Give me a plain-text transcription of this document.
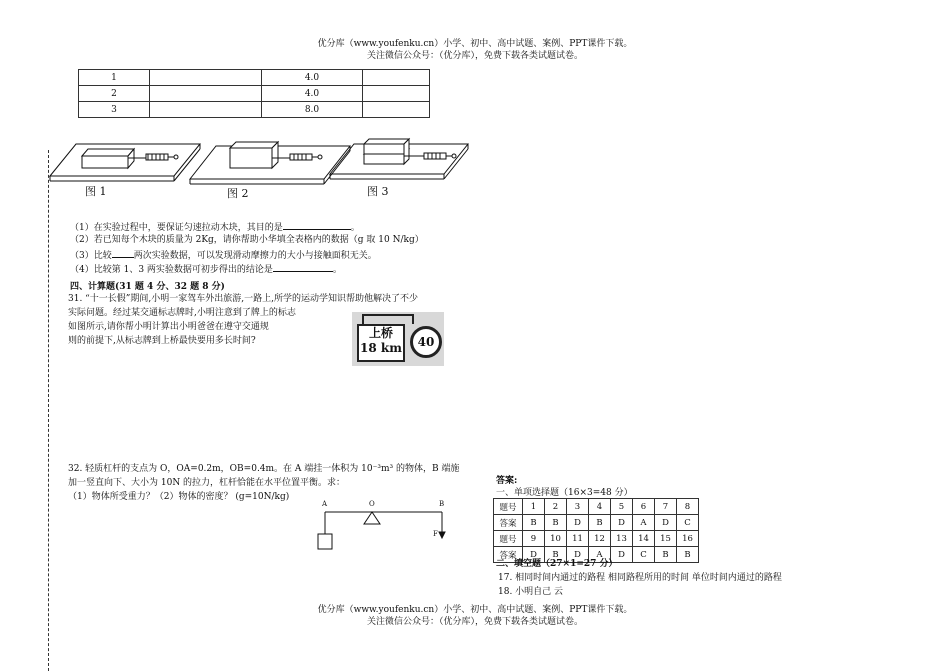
优分库（www.youfenku.cn）小学、初中、高中试题、案例、PPT课件下载。
关注微信公众号：（优分库），免费下载各类试题试卷。
1		4.0	
2		4.0	
3		8.0	
图 1	图 2	图 3
（1）在实验过程中，要保证匀速拉动木块，其目的是	。
（2）若已知每个木块的质量为 2Kg，请你帮助小华填全表格内的数据（g 取 10 N/kg）
（3）比较 两次实验数据，可以发现滑动摩擦力的大小与接触面积无关。
（4）比较第 1、3 两实验数据可初步得出的结论是	。
四、计算题(31 题 4 分、32 题 8 分)
31. “十一长假”期间,小明一家驾车外出旅游,一路上,所学的运动学知识帮助他解决了不少
实际问题。经过某交通标志牌时,小明注意到了牌上的标志
如图所示,请你帮小明计算出小明爸爸在遵守交通规
则的前提下,从标志牌到上桥最快要用多长时间?
上桥
18 km	40
32. 轻质杠杆的支点为 O，OA=0.2m，OB=0.4m。在 A 端挂一体积为 10⁻³m³ 的物体，B 端施
加一竖直向下、大小为 10N 的拉力，杠杆恰能在水平位置平衡。求：
（1）物体所受重力？（2）物体的密度？ (g=10N/kg)
A	O	B
F
答案:
一、单项选择题（16×3=48 分）
题号	1	2	3	4	5	6	7	8
答案	B	B	D	B	D	A	D	C
题号	9	10	11	12	13	14	15	16
答案	D	B	D	A	D	C	B	B
二、填空题（27×1=27 分）
17. 相同时间内通过的路程 相同路程所用的时间 单位时间内通过的路程
18. 小明自己 云
优分库（www.youfenku.cn）小学、初中、高中试题、案例、PPT课件下载。
关注微信公众号：（优分库），免费下载各类试题试卷。
